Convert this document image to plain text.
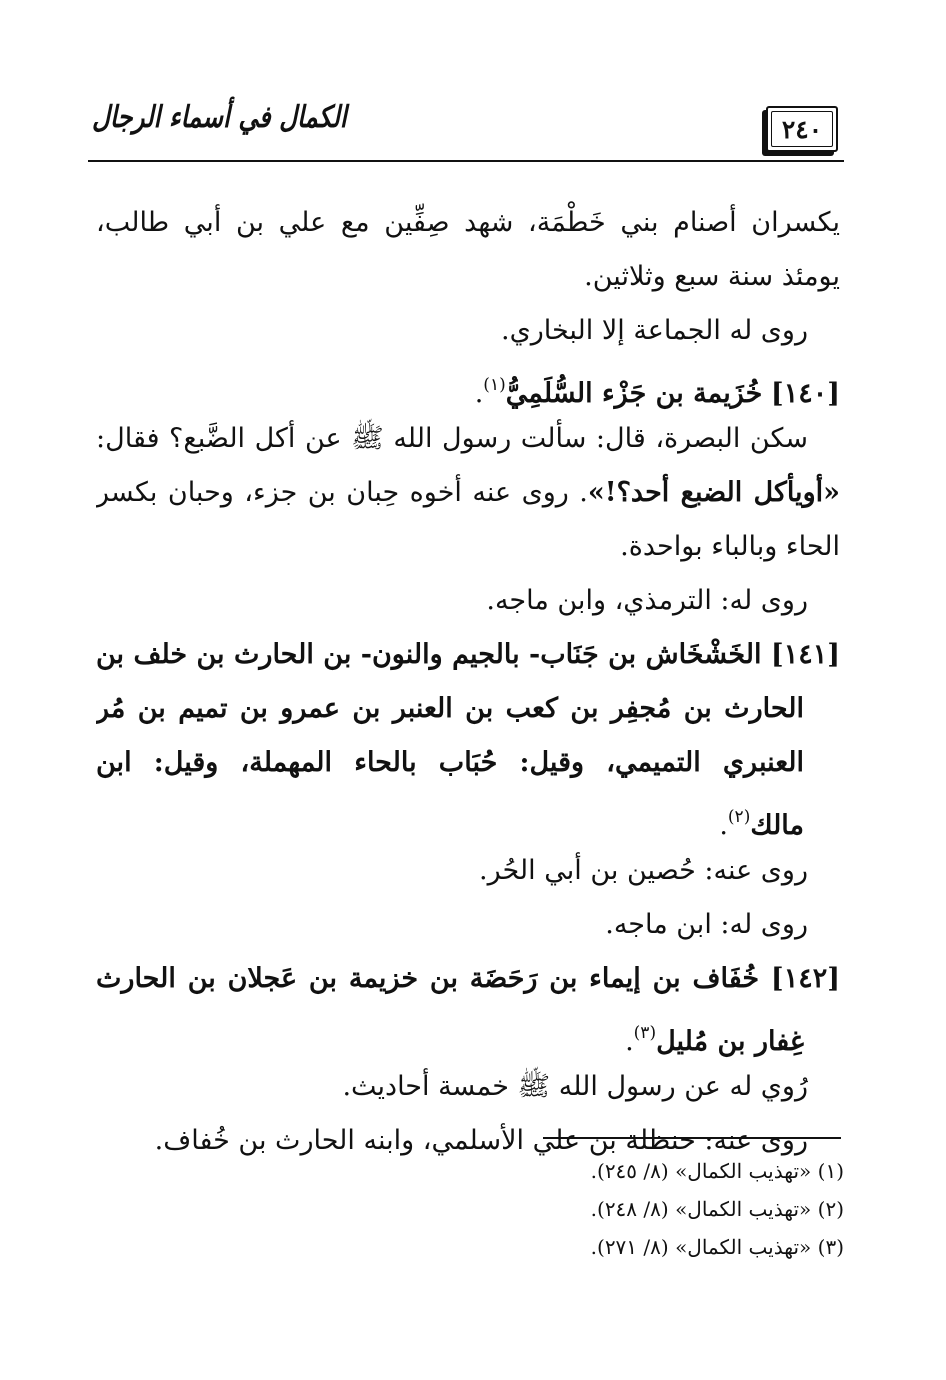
٢٤٠
الكمال في أسماء الرجال
يكسران أصنام بني خَطْمَة، شهد صِفِّين مع علي بن أبي طالب،
يومئذ سنة سبع وثلاثين.
روى له الجماعة إلا البخاري.
[١٤٠] خُزَيمة بن جَزْء السُّلَمِيُّ$^{(١)}$.
سكن البصرة، قال: سألت رسول الله ﷺ عن أكل الضَّبع؟ فقال:
«أويأكل الضبع أحد؟!». روى عنه أخوه حِبان بن جزء، وحبان بكسر
الحاء وبالباء بواحدة.
روى له: الترمذي، وابن ماجه.
[١٤١] الخَشْخَاش بن جَنَاب- بالجيم والنون- بن الحارث بن خلف بن
الحارث بن مُجفِر بن كعب بن العنبر بن عمرو بن تميم بن مُر
العنبري التميمي، وقيل: حُبَاب بالحاء المهملة، وقيل: ابن
مالك$^{(٢)}$.
روى عنه: حُصين بن أبي الحُر.
روى له: ابن ماجه.
[١٤٢] خُفَاف بن إيماء بن رَحَضَة بن خزيمة بن عَجلان بن الحارث
غِفار بن مُليل$^{(٣)}$.
رُوي له عن رسول الله ﷺ خمسة أحاديث.
روى عنه: حنظلة بن علي الأسلمي، وابنه الحارث بن خُفاف.
(١) «تهذيب الكمال» (٨/ ٢٤٥).
(٢) «تهذيب الكمال» (٨/ ٢٤٨).
(٣) «تهذيب الكمال» (٨/ ٢٧١).
